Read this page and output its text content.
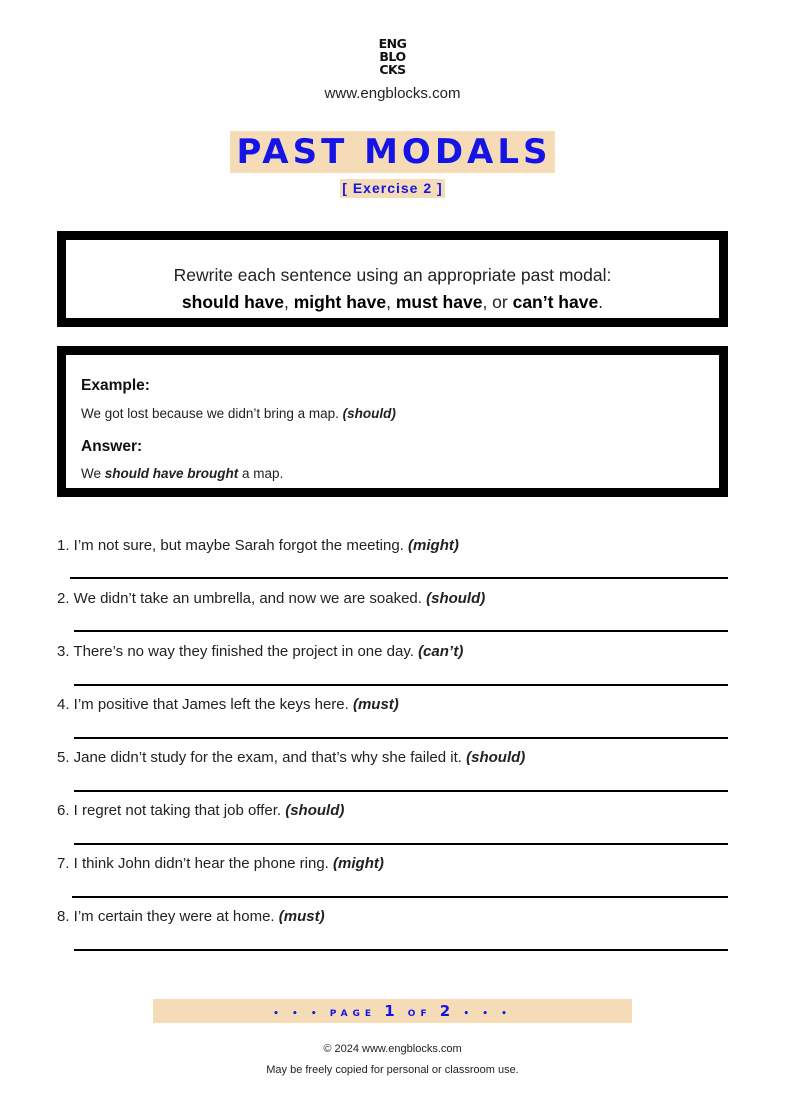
ENG
BLO
CKS
www.engblocks.com
PAST MODALS
[ Exercise 2 ]
Rewrite each sentence using an appropriate past modal:
should have, might have, must have, or can’t have.
Example:
We got lost because we didn’t bring a map. (should)
Answer:
We should have brought a map.
1. I’m not sure, but maybe Sarah forgot the meeting. (might)
2. We didn’t take an umbrella, and now we are soaked. (should)
3. There’s no way they finished the project in one day. (can’t)
4. I’m positive that James left the keys here. (must)
5. Jane didn’t study for the exam, and that’s why she failed it. (should)
6. I regret not taking that job offer. (should)
7. I think John didn’t hear the phone ring. (might)
8. I’m certain they were at home. (must)
• • • PAGE 1 OF 2 • • •
© 2024 www.engblocks.com
May be freely copied for personal or classroom use.
